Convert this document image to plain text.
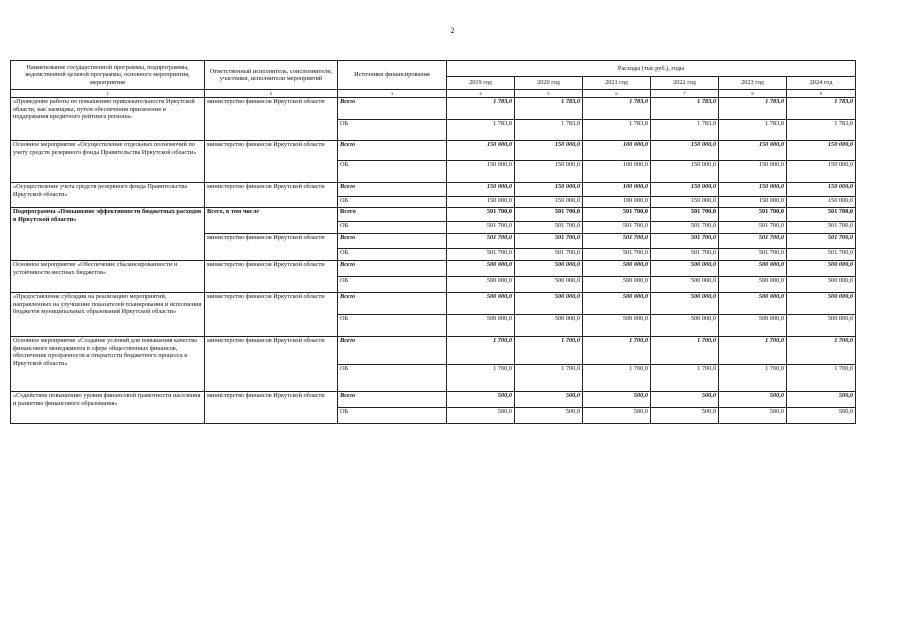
2
Наименование государственной программы, подпрограммы, ведомственной целевой программы, основного мероприятия, мероприятия	Ответственный исполнитель, соисполнители, участники, исполнители мероприятий	Источники финансирования	Расходы (тыс.руб.), годы					
			2019 год	2020 год	2021 год	2022 год	2023 год	2024 год
1	2	3	4	5	6	7	8	9
«Проведение работы по повышению привлекательности Иркутской области, как заемщика, путем обеспечения присвоения и поддержания кредитного рейтинга региона»	министерство финансов Иркутской области	Всего	1 783,0	1 783,0	1 783,0	1 783,0	1 783,0	1 783,0
		ОБ	1 783,0	1 783,0	1 783,0	1 783,0	1 783,0	1 783,0
Основное мероприятие «Осуществление отдельных полномочий по учету средств резервного фонда Правительства Иркутской области»	министерство финансов Иркутской области	Всего	150 000,0	150 000,0	100 000,0	150 000,0	150 000,0	150 000,0
		ОБ	150 000,0	150 000,0	100 000,0	150 000,0	150 000,0	150 000,0
«Осуществление учета средств резервного фонда Правительства Иркутской области»	министерство финансов Иркутской области	Всего	150 000,0	150 000,0	100 000,0	150 000,0	150 000,0	150 000,0
		ОБ	150 000,0	150 000,0	100 000,0	150 000,0	150 000,0	150 000,0
Подпрограмма «Повышение эффективности бюджетных расходов в Иркутской области»	Всего, в том числе	Всего	501 700,0	501 700,0	501 700,0	501 700,0	501 700,0	501 700,0
		ОБ	501 700,0	501 700,0	501 700,0	501 700,0	501 700,0	501 700,0
	министерство финансов Иркутской области	Всего	501 700,0	501 700,0	501 700,0	501 700,0	501 700,0	501 700,0
		ОБ	501 700,0	501 700,0	501 700,0	501 700,0	501 700,0	501 700,0
Основное мероприятие «Обеспечение сбалансированности и устойчивости местных бюджетов»	министерство финансов Иркутской области	Всего	500 000,0	500 000,0	500 000,0	500 000,0	500 000,0	500 000,0
		ОБ	500 000,0	500 000,0	500 000,0	500 000,0	500 000,0	500 000,0
«Предоставление субсидии на реализацию мероприятий, направленных на улучшение показателей планирования и исполнения бюджетов муниципальных образований Иркутской области»	министерство финансов Иркутской области	Всего	500 000,0	500 000,0	500 000,0	500 000,0	500 000,0	500 000,0
		ОБ	500 000,0	500 000,0	500 000,0	500 000,0	500 000,0	500 000,0
Основное мероприятие «Создание условий для повышения качества финансового менеджмента в сфере общественных финансов, обеспечение прозрачности и открытости бюджетного процесса в Иркутской области»	министерство финансов Иркутской области	Всего	1 700,0	1 700,0	1 700,0	1 700,0	1 700,0	1 700,0
		ОБ	1 700,0	1 700,0	1 700,0	1 700,0	1 700,0	1 700,0
«Содействие повышению уровня финансовой грамотности населения и развитию финансового образования»	министерство финансов Иркутской области	Всего	500,0	500,0	500,0	500,0	500,0	500,0
		ОБ	500,0	500,0	500,0	500,0	500,0	500,0
